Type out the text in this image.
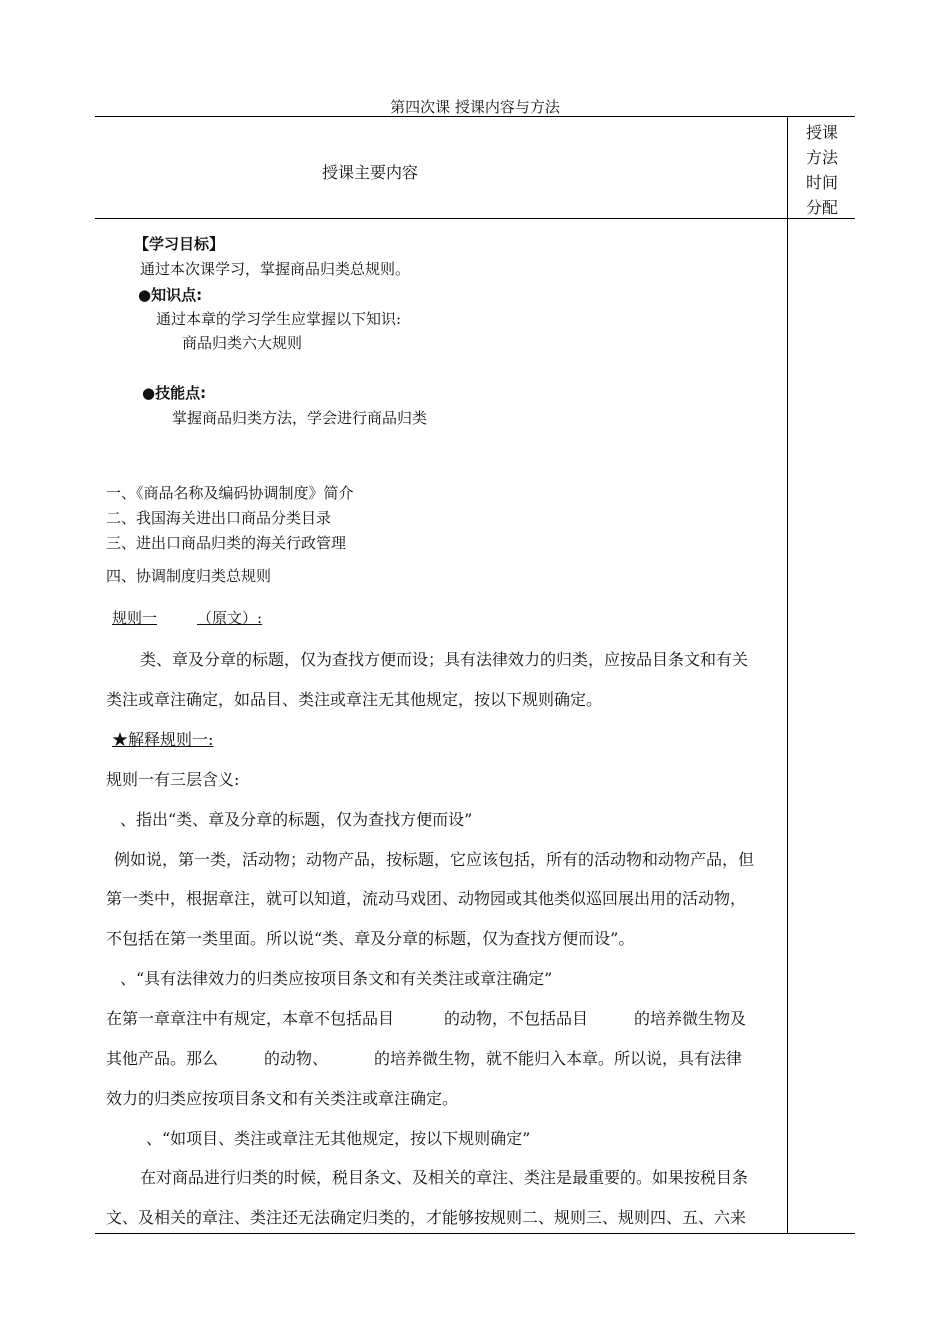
第四次课 授课内容与方法
授课主要内容
授课
方法
时间
分配
【学习目标】
通过本次课学习，掌握商品归类总规则。
●知识点:
通过本章的学习学生应掌握以下知识:
商品归类六大规则
●技能点:
掌握商品归类方法，学会进行商品归类
一、《商品名称及编码协调制度》简介
二、我国海关进出口商品分类目录
三、进出口商品归类的海关行政管理
四、协调制度归类总规则
规则一	（原文）:
类、章及分章的标题，仅为查找方便而设；具有法律效力的归类，应按品目条文和有关
类注或章注确定，如品目、类注或章注无其他规定，按以下规则确定。
★解释规则一:
规则一有三层含义:
、指出“类、章及分章的标题，仅为查找方便而设”
例如说，第一类，活动物；动物产品，按标题，它应该包括，所有的活动物和动物产品，但
第一类中，根据章注，就可以知道，流动马戏团、动物园或其他类似巡回展出用的活动物，
不包括在第一类里面。所以说“类、章及分章的标题，仅为查找方便而设”。
、“具有法律效力的归类应按项目条文和有关类注或章注确定”
在第一章章注中有规定，本章不包括品目	的动物，不包括品目	的培养微生物及
其他产品。那么	的动物、	的培养微生物，就不能归入本章。所以说，具有法律
效力的归类应按项目条文和有关类注或章注确定。
、“如项目、类注或章注无其他规定，按以下规则确定”
在对商品进行归类的时候，税目条文、及相关的章注、类注是最重要的。如果按税目条
文、及相关的章注、类注还无法确定归类的，才能够按规则二、规则三、规则四、五、六来
